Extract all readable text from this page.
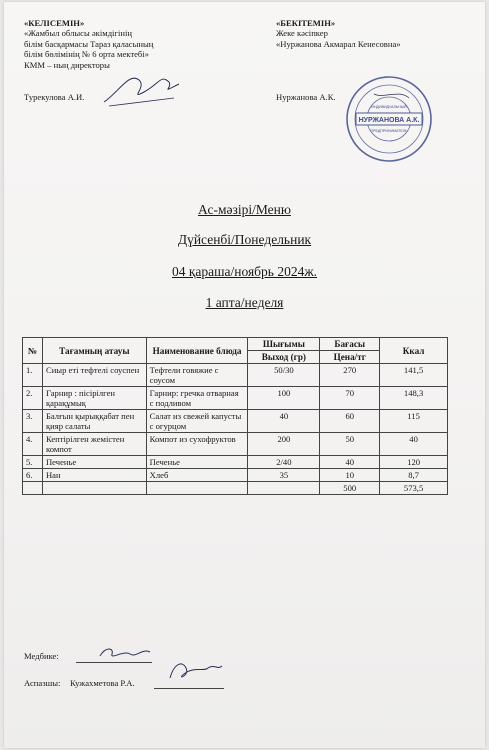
«КЕЛІСЕМІН»
«Жамбыл облысы әкімдігінің
білім басқармасы Тараз қаласының
білім бөлімінің № 6 орта мектебі»
КММ – ның директоры
Турекулова А.И.
«БЕКІТЕМІН»
Жеке кәсіпкер
«Нуржанова Акмарал Кенесовна»
Нуржанова А.К.
НУРЖАНОВА А.К.
ИНДИВИДУАЛЬНЫЙ
ПРЕДПРИНИМАТЕЛЬ
Ас-мәзірі/Меню
Дүйсенбі/Понедельник
04 қараша/ноябрь 2024ж.
1 апта/неделя
№	Тағамның атауы	Наименование блюда	Шығымы	Бағасы	Ккал
			Выход (гр)	Цена/тг	
1.	Сиыр еті тефтелі соуспен	Тефтели говяжие с соусом	50/30	270	141,5
2.	Гарнир : пісірілген қарақұмық	Гарнир: гречка отварная с подливом	100	70	148,3
3.	Балғын қырыққабат пен қияр салаты	Салат из свежей капусты с огурцом	40	60	115
4.	Кептірілген жемістен компот	Компот из сухофруктов	200	50	40
5.	Печенье	Печенье	2/40	40	120
6.	Нан	Хлеб	35	10	8,7
				500	573,5
Медбике:
Аспазшы: Кужахметова Р.А.
